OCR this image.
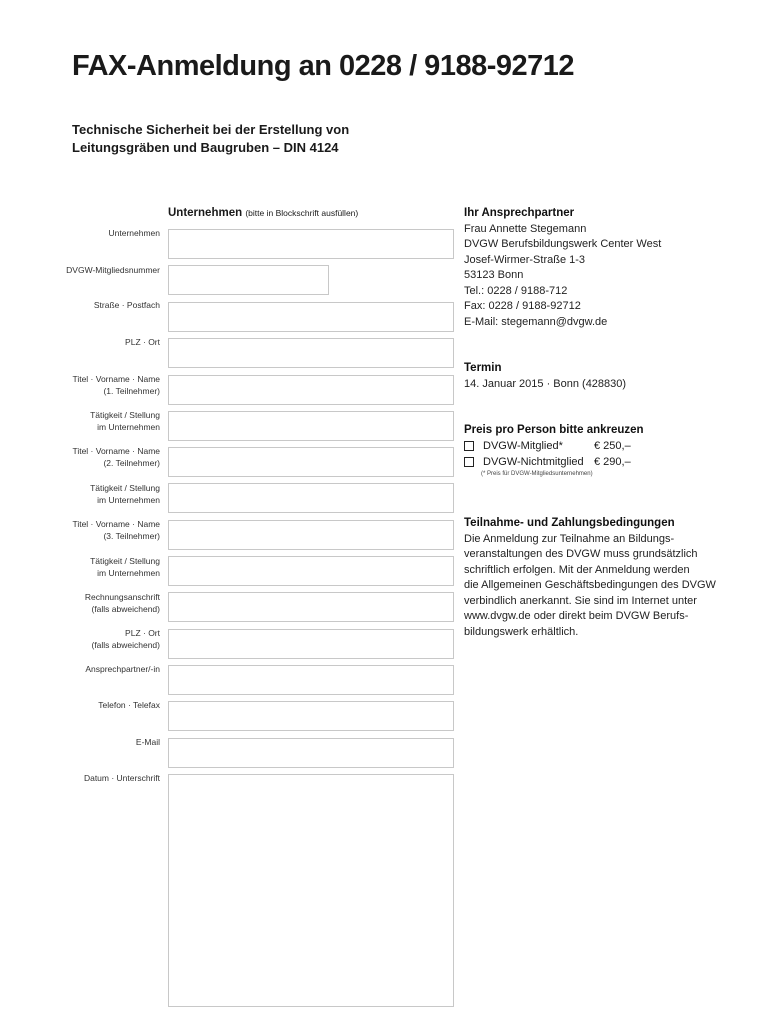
FAX-Anmeldung an 0228 / 9188-92712
Technische Sicherheit bei der Erstellung von
Leitungsgräben und Baugruben – DIN 4124
Unternehmen (bitte in Blockschrift ausfüllen)
Unternehmen
DVGW-Mitgliedsnummer
Straße · Postfach
PLZ · Ort
Titel · Vorname · Name
(1. Teilnehmer)
Tätigkeit / Stellung
im Unternehmen
Titel · Vorname · Name
(2. Teilnehmer)
Tätigkeit / Stellung
im Unternehmen
Titel · Vorname · Name
(3. Teilnehmer)
Tätigkeit / Stellung
im Unternehmen
Rechnungsanschrift
(falls abweichend)
PLZ · Ort
(falls abweichend)
Ansprechpartner/-in
Telefon · Telefax
E-Mail
Datum · Unterschrift
Ihr Ansprechpartner
Frau Annette Stegemann
DVGW Berufsbildungswerk Center West
Josef-Wirmer-Straße 1-3
53123 Bonn
Tel.: 0228 / 9188-712
Fax: 0228 / 9188-92712
E-Mail: stegemann@dvgw.de
Termin
14. Januar 2015 · Bonn (428830)
Preis pro Person bitte ankreuzen
DVGW-Mitglied*	€ 250,–
DVGW-Nichtmitglied € 290,–
(* Preis für DVGW-Mitgliedsunternehmen)
Teilnahme- und Zahlungsbedingungen
Die Anmeldung zur Teilnahme an Bildungs-
veranstaltungen des DVGW muss grundsätzlich
schriftlich erfolgen. Mit der Anmeldung werden
die Allgemeinen Geschäftsbedingungen des DVGW
verbindlich anerkannt. Sie sind im Internet unter
www.dvgw.de oder direkt beim DVGW Berufs-
bildungswerk erhältlich.
